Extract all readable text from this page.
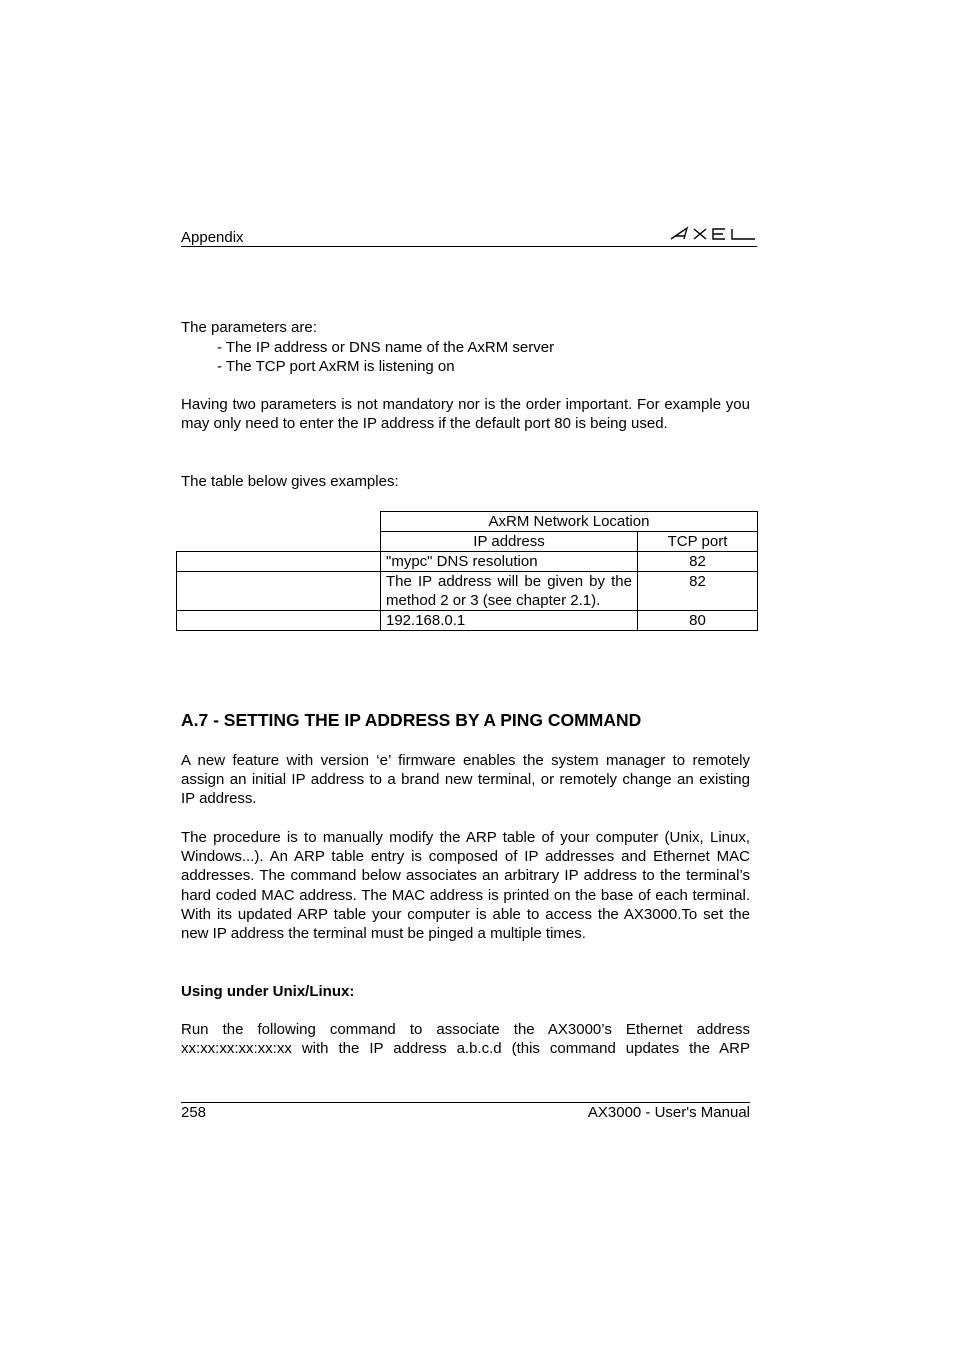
Appendix

The parameters are:

- The IP address or DNS name of the AxRM server
- The TCP port AxRM is listening on

Having two parameters is not mandatory nor is the order important. For example you may only need to enter the IP address if the default port 80 is being used.

The table below gives examples:

	AxRM Network Location	
	IP address	TCP port
	"mypc" DNS resolution	82
	The IP address will be given by the method 2 or 3 (see chapter 2.1).	82
	192.168.0.1	80
A.7 - SETTING THE IP ADDRESS BY A PING COMMAND

A new feature with version ‘e’ firmware enables the system manager to remotely assign an initial IP address to a brand new terminal, or remotely change an existing IP address.

The procedure is to manually modify the ARP table of your computer (Unix, Linux, Windows...). An ARP table entry is composed of IP addresses and Ethernet MAC addresses. The command below associates an arbitrary IP address to the terminal’s hard coded MAC address. The MAC address is printed on the base of each terminal. With its updated ARP table your computer is able to access the AX3000.To set the new IP address the terminal must be pinged a multiple times.

Using under Unix/Linux:

Run the following command to associate the AX3000’s Ethernet address xx:xx:xx:xx:xx:xx with the IP address a.b.c.d (this command updates the ARP

258	AX3000 - User's Manual
